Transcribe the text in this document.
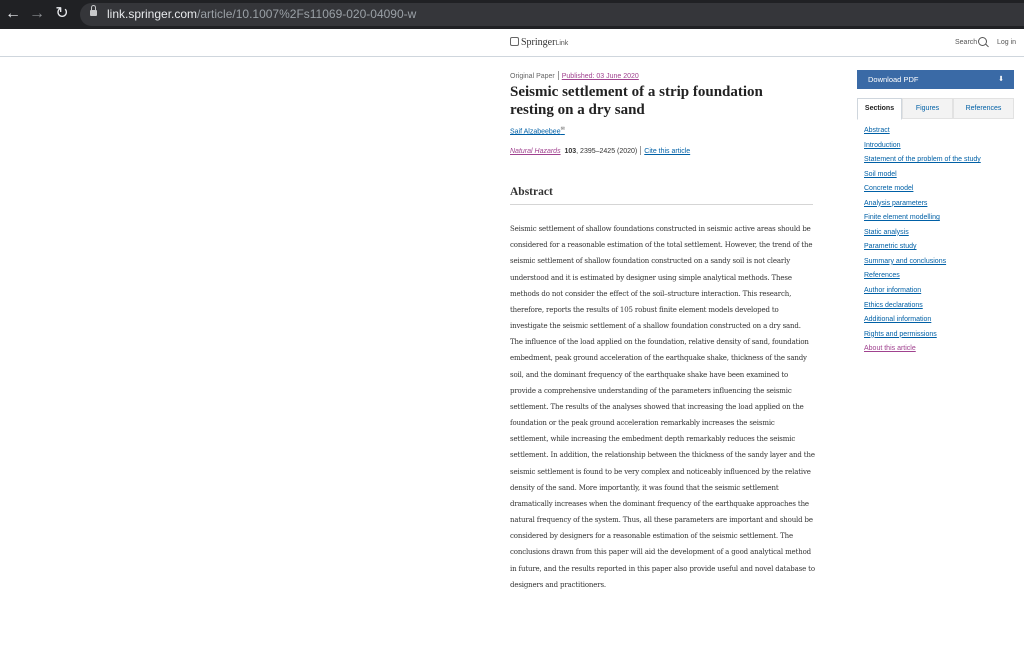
← → ↻	link.springer.com/article/10.1007%2Fs11069-020-04090-w
SpringerLink	Search	Log in
Original Paper Published: 03 June 2020
Seismic settlement of a strip foundation resting on a dry sand
Saif Alzabeebee✉
Natural Hazards 103, 2395–2425 (2020) Cite this article
Abstract

Seismic settlement of shallow foundations constructed in seismic active areas should be considered for a reasonable estimation of the total settlement. However, the trend of the seismic settlement of shallow foundation constructed on a sandy soil is not clearly understood and it is estimated by designer using simple analytical methods. These methods do not consider the effect of the soil–structure interaction. This research, therefore, reports the results of 105 robust finite element models developed to investigate the seismic settlement of a shallow foundation constructed on a dry sand. The influence of the load applied on the foundation, relative density of sand, foundation embedment, peak ground acceleration of the earthquake shake, thickness of the sandy soil, and the dominant frequency of the earthquake shake have been examined to provide a comprehensive understanding of the parameters influencing the seismic settlement. The results of the analyses showed that increasing the load applied on the foundation or the peak ground acceleration remarkably increases the seismic settlement, while increasing the embedment depth remarkably reduces the seismic settlement. In addition, the relationship between the thickness of the sandy layer and the seismic settlement is found to be very complex and noticeably influenced by the relative density of the sand. More importantly, it was found that the seismic settlement dramatically increases when the dominant frequency of the earthquake approaches the natural frequency of the system. Thus, all these parameters are important and should be considered by designers for a reasonable estimation of the seismic settlement. The conclusions drawn from this paper will aid the development of a good analytical method in future, and the results reported in this paper also provide useful and novel database to designers and practitioners.

Download PDF	⬇
Sections	Figures	References
Abstract
Introduction
Statement of the problem of the study
Soil model
Concrete model
Analysis parameters
Finite element modelling
Static analysis
Parametric study
Summary and conclusions
References
Author information
Ethics declarations
Additional information
Rights and permissions
About this article
